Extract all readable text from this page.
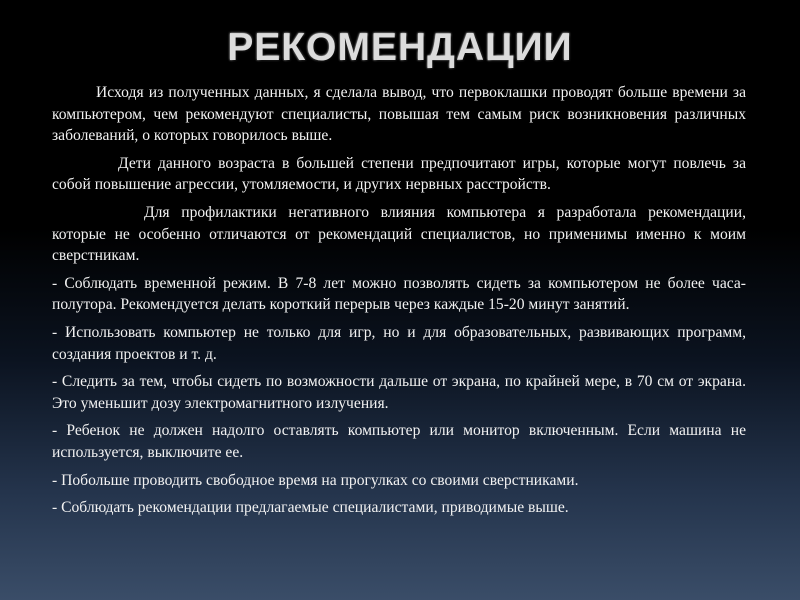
РЕКОМЕНДАЦИИ

Исходя из полученных данных, я сделала вывод, что первоклашки проводят больше времени за компьютером, чем рекомендуют специалисты, повышая тем самым риск возникновения различных заболеваний, о которых говорилось выше.

Дети данного возраста в большей степени предпочитают игры, которые могут повлечь за собой повышение агрессии, утомляемости, и других нервных расстройств.

Для профилактики негативного влияния компьютера я разработала рекомендации, которые не особенно отличаются от рекомендаций специалистов, но применимы именно к моим сверстникам.

- Соблюдать временной режим. В 7-8 лет можно позволять сидеть за компьютером не более часа-полутора. Рекомендуется делать короткий перерыв через каждые 15-20 минут занятий.

- Использовать компьютер не только для игр, но и для образовательных, развивающих программ, создания проектов и т. д.

- Следить за тем, чтобы сидеть по возможности дальше от экрана, по крайней мере, в 70 см от экрана. Это уменьшит дозу электромагнитного излучения.

- Ребенок не должен надолго оставлять компьютер или монитор включенным. Если машина не используется, выключите ее.

- Побольше проводить свободное время на прогулках со своими сверстниками.

- Соблюдать рекомендации предлагаемые специалистами, приводимые выше.
